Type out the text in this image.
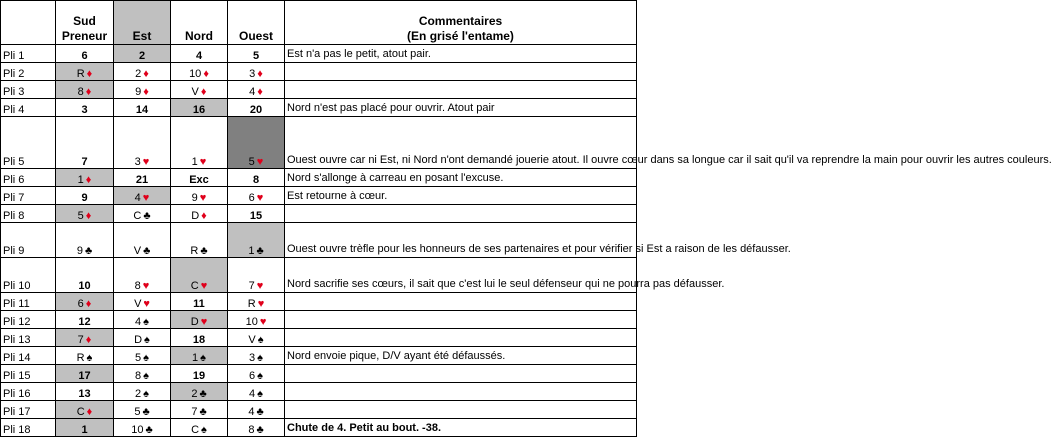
	Sud
Preneur	Est	Nord	Ouest	Commentaires
(En grisé l'entame)
Pli 1	6	2	4	5	Est n'a pas le petit, atout pair.
Pli 2	R ♦	2 ♦	10 ♦	3 ♦	
Pli 3	8 ♦	9 ♦	V ♦	4 ♦	
Pli 4	3	14	16	20	Nord n'est pas placé pour ouvrir. Atout pair
Pli 5	7	3 ♥	1 ♥	5 ♥	Ouest ouvre car ni Est, ni Nord n'ont demandé jouerie atout. Il ouvre cœur dans sa longue car il sait qu'il va reprendre la main pour ouvrir les autres couleurs.
Pli 6	1 ♦	21	Exc	8	Nord s'allonge à carreau en posant l'excuse.
Pli 7	9	4 ♥	9 ♥	6 ♥	Est retourne à cœur.
Pli 8	5 ♦	C ♣	D ♦	15	
Pli 9	9 ♣	V ♣	R ♣	1 ♣	Ouest ouvre trèfle pour les honneurs de ses partenaires et pour vérifier si Est a raison de les défausser.
Pli 10	10	8 ♥	C ♥	7 ♥	Nord sacrifie ses cœurs, il sait que c'est lui le seul défenseur qui ne pourra pas défausser.
Pli 11	6 ♦	V ♥	11	R ♥	
Pli 12	12	4 ♠	D ♥	10 ♥	
Pli 13	7 ♦	D ♠	18	V ♠	
Pli 14	R ♠	5 ♠	1 ♠	3 ♠	Nord envoie pique, D/V ayant été défaussés.
Pli 15	17	8 ♠	19	6 ♠	
Pli 16	13	2 ♠	2 ♣	4 ♠	
Pli 17	C ♦	5 ♣	7 ♣	4 ♣	
Pli 18	1	10 ♣	C ♠	8 ♣	Chute de 4. Petit au bout. -38.
